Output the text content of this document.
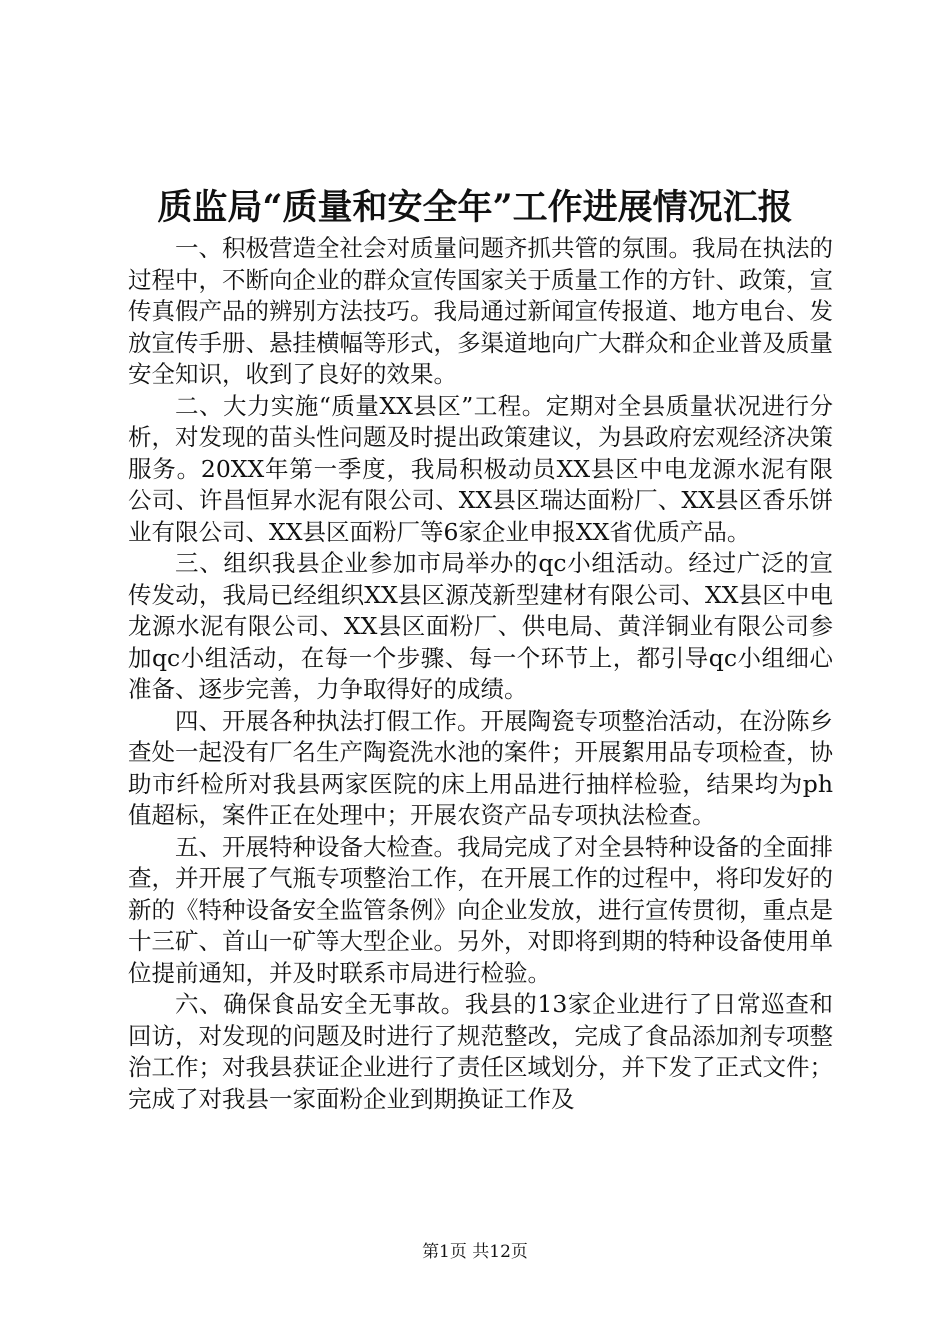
质监局“质量和安全年”工作进展情况汇报

一、积极营造全社会对质量问题齐抓共管的氛围。我局在执法的过程中，不断向企业的群众宣传国家关于质量工作的方针、政策，宣传真假产品的辨别方法技巧。我局通过新闻宣传报道、地方电台、发放宣传手册、悬挂横幅等形式，多渠道地向广大群众和企业普及质量安全知识，收到了良好的效果。

二、大力实施“质量XX县区”工程。定期对全县质量状况进行分析，对发现的苗头性问题及时提出政策建议，为县政府宏观经济决策服务。20XX年第一季度，我局积极动员XX县区中电龙源水泥有限公司、许昌恒昇水泥有限公司、XX县区瑞达面粉厂、XX县区香乐饼业有限公司、XX县区面粉厂等6家企业申报XX省优质产品。

三、组织我县企业参加市局举办的qc小组活动。经过广泛的宣传发动，我局已经组织XX县区源茂新型建材有限公司、XX县区中电龙源水泥有限公司、XX县区面粉厂、供电局、黄洋铜业有限公司参加qc小组活动，在每一个步骤、每一个环节上，都引导qc小组细心准备、逐步完善，力争取得好的成绩。

四、开展各种执法打假工作。开展陶瓷专项整治活动，在汾陈乡查处一起没有厂名生产陶瓷洗水池的案件；开展絮用品专项检查，协助市纤检所对我县两家医院的床上用品进行抽样检验，结果均为ph值超标，案件正在处理中；开展农资产品专项执法检查。

五、开展特种设备大检查。我局完成了对全县特种设备的全面排查，并开展了气瓶专项整治工作，在开展工作的过程中，将印发好的新的《特种设备安全监管条例》向企业发放，进行宣传贯彻，重点是十三矿、首山一矿等大型企业。另外，对即将到期的特种设备使用单位提前通知，并及时联系市局进行检验。

六、确保食品安全无事故。我县的13家企业进行了日常巡查和回访，对发现的问题及时进行了规范整改，完成了食品添加剂专项整治工作；对我县获证企业进行了责任区域划分，并下发了正式文件；完成了对我县一家面粉企业到期换证工作及

第1页 共12页
